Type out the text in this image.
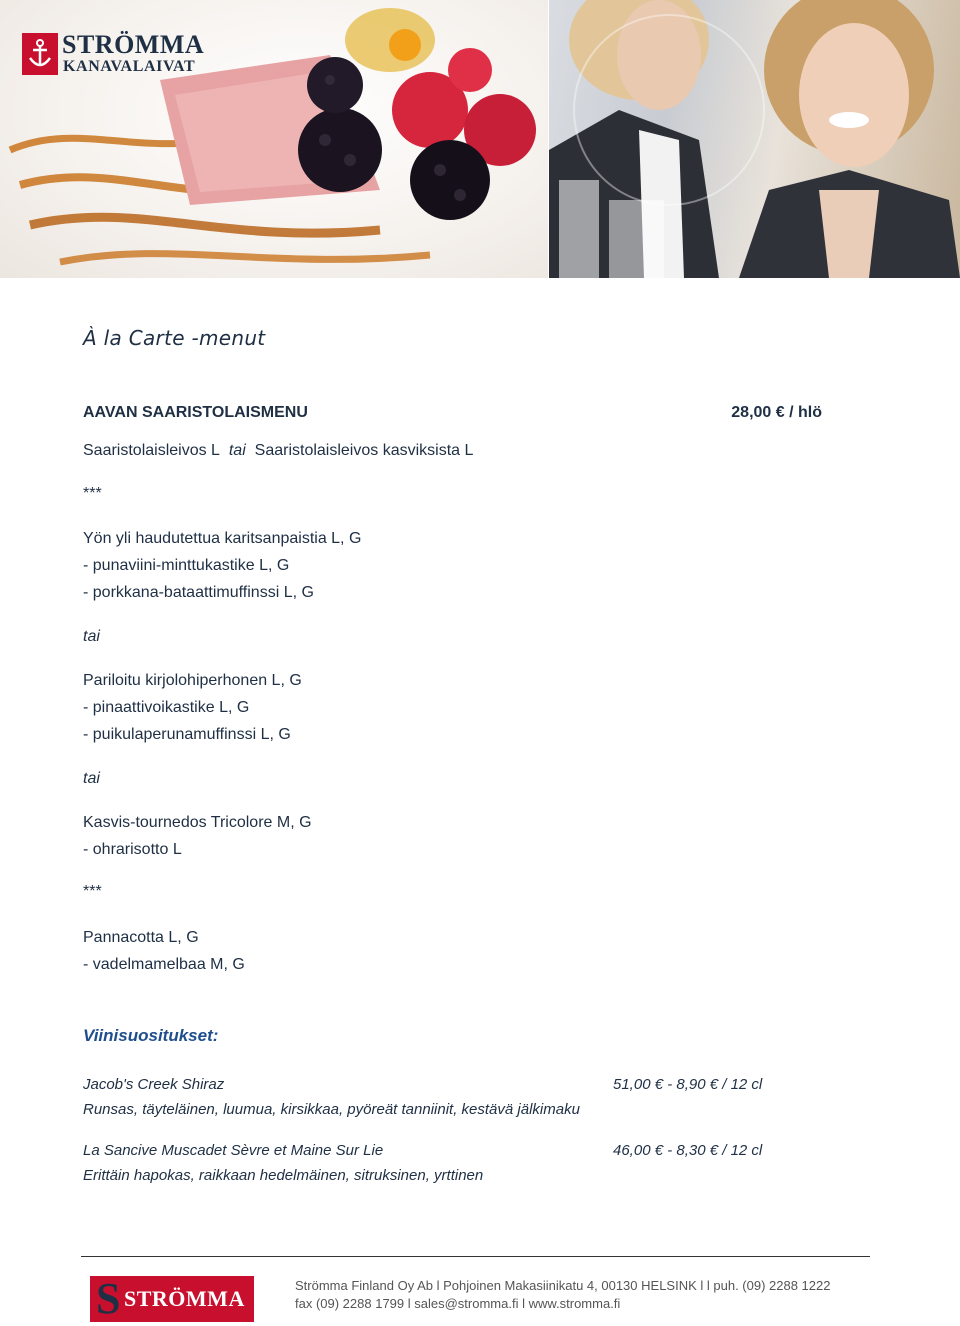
STRÖMMA
KANAVALAIVAT
À la Carte -menut
AAVAN SAARISTOLAISMENU	28,00 € / hlö
Saaristolaisleivos L tai Saaristolaisleivos kasviksista L
***
Yön yli haudutettua karitsanpaistia L, G
- punaviini-minttukastike L, G
- porkkana-bataattimuffinssi L, G
tai
Pariloitu kirjolohiperhonen L, G
- pinaattivoikastike L, G
- puikulaperunamuffinssi L, G
tai
Kasvis-tournedos Tricolore M, G
- ohrarisotto L
***
Pannacotta L, G
- vadelmamelbaa M, G
Viinisuositukset:
Jacob's Creek Shiraz	51,00 € - 8,90 € / 12 cl
Runsas, täyteläinen, luumua, kirsikkaa, pyöreät tanniinit, kestävä jälkimaku
La Sancive Muscadet Sèvre et Maine Sur Lie	46,00 € - 8,30 € / 12 cl
Erittäin hapokas, raikkaan hedelmäinen, sitruksinen, yrttinen
S STRÖMMA
Strömma Finland Oy Ab l Pohjoinen Makasiinikatu 4, 00130 HELSINK l l puh. (09) 2288 1222
fax (09) 2288 1799 l sales@stromma.fi l www.stromma.fi
